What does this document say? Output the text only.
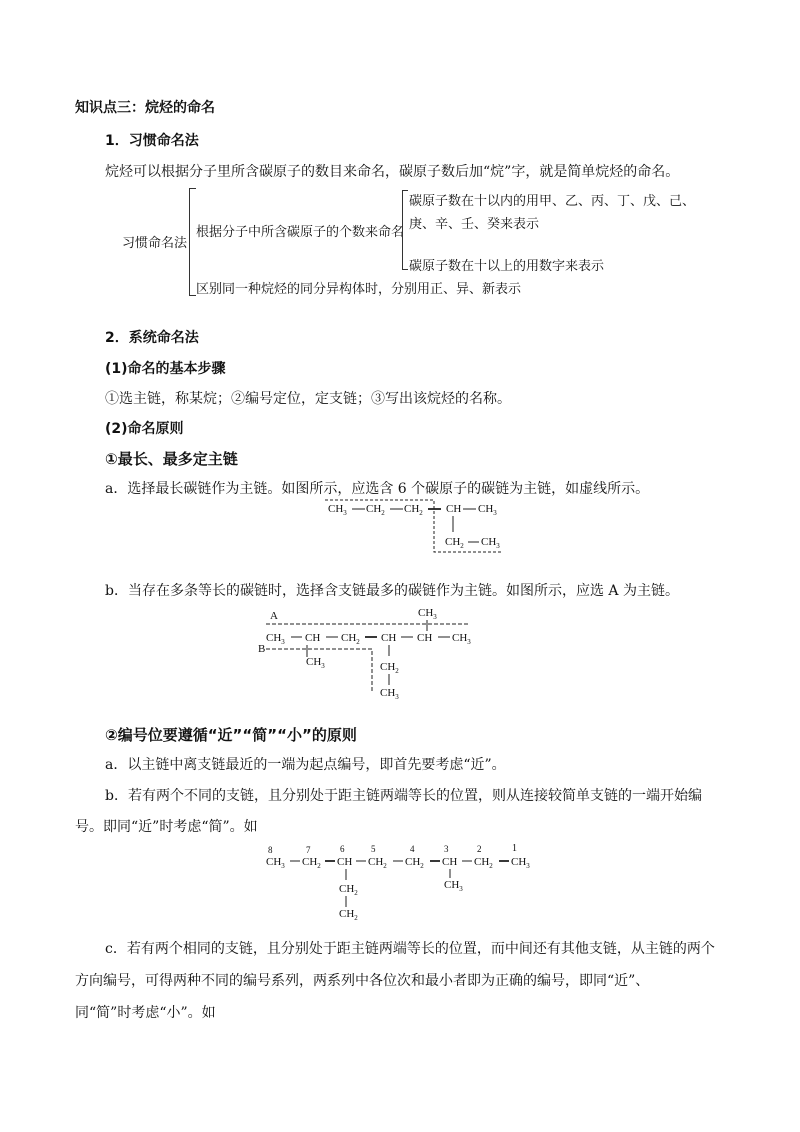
知识点三：烷烃的命名
1．习惯命名法
烷烃可以根据分子里所含碳原子的数目来命名，碳原子数后加“烷”字，就是简单烷烃的命名。
习惯命名法
根据分子中所含碳原子的个数来命名
碳原子数在十以内的用甲、乙、丙、丁、戊、己、
庚、辛、壬、癸来表示
碳原子数在十以上的用数字来表示
区别同一种烷烃的同分异构体时，分别用正、异、新表示
2．系统命名法
(1)命名的基本步骤
①选主链，称某烷；②编号定位，定支链；③写出该烷烃的名称。
(2)命名原则
①最长、最多定主链
a．选择最长碳链作为主链。如图所示，应选含 6 个碳原子的碳链为主链，如虚线所示。
b．当存在多条等长的碳链时，选择含支链最多的碳链作为主链。如图所示，应选 A 为主链。
②编号位要遵循“近”“简”“小”的原则
a．以主链中离支链最近的一端为起点编号，即首先要考虑“近”。
b．若有两个不同的支链，且分别处于距主链两端等长的位置，则从连接较简单支链的一端开始编
号。即同“近”时考虑“简”。如
c．若有两个相同的支链，且分别处于距主链两端等长的位置，而中间还有其他支链，从主链的两个
方向编号，可得两种不同的编号系列，两系列中各位次和最小者即为正确的编号，即同“近”、
同“简”时考虑“小”。如
$CH_3$ $CH_2$ $CH_2$ CH $CH_3$
$CH_2$ $CH_3$
A	$CH_3$
$CH_3$ CH $CH_2$ CH CH $CH_3$
B
$CH_3$	$CH_2$
$CH_3$
8	7	6	5	4	3	2	1
$CH_3$ $CH_2$ CH $CH_2$ $CH_2$ CH $CH_2$ $CH_3$
$CH_2$
$CH_2$
$CH_3$
